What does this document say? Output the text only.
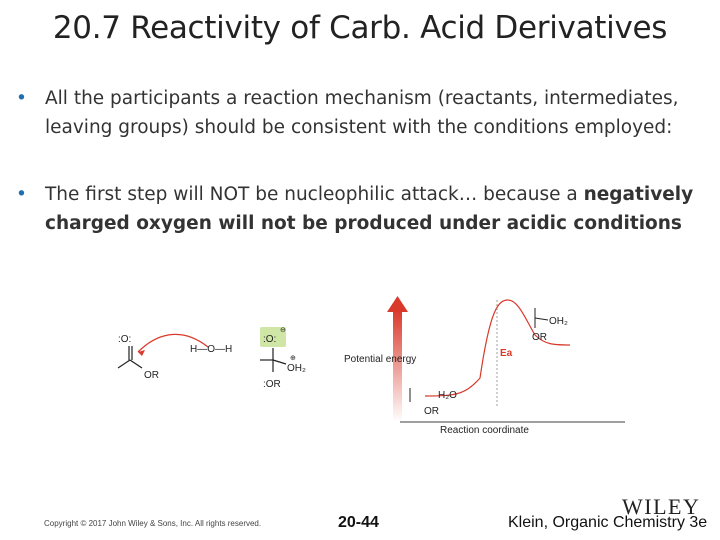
20.7 Reactivity of Carb. Acid Derivatives
• All the participants a reaction mechanism (reactants, intermediates, leaving groups) should be consistent with the conditions employed:
• The first step will NOT be nucleophilic attack… because a negatively charged oxygen will not be produced under acidic conditions
:O:
OR
H—O—H
:O:
⊖
OH₂
⊕
:OR
Potential energy
Reaction coordinate
Ea
OR
H₂O
OH₂
OR
Copyright © 2017 John Wiley & Sons, Inc. All rights reserved.	20-44
WILEY
Klein, Organic Chemistry 3e
